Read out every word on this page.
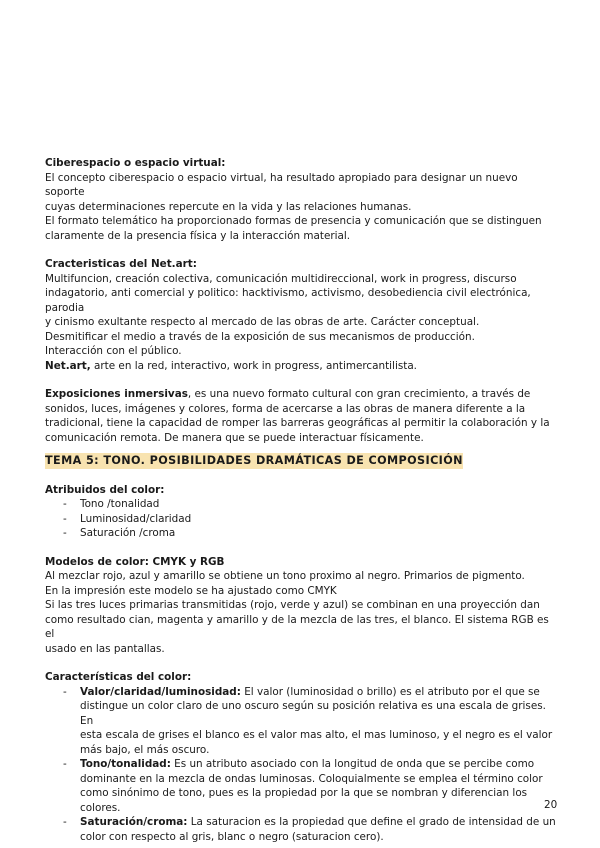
Ciberespacio o espacio virtual:

El concepto ciberespacio o espacio virtual, ha resultado apropiado para designar un nuevo soporte

cuyas determinaciones repercute en la vida y las relaciones humanas.

El formato telemático ha proporcionado formas de presencia y comunicación que se distinguen

claramente de la presencia física y la interacción material.

Cracteristicas del Net.art:

Multifuncion, creación colectiva, comunicación multidireccional, work in progress, discurso

indagatorio, anti comercial y politico: hacktivismo, activismo, desobediencia civil electrónica, parodia

y cinismo exultante respecto al mercado de las obras de arte. Carácter conceptual.

Desmitificar el medio a través de la exposición de sus mecanismos de producción.

Interacción con el público.

Net.art, arte en la red, interactivo, work in progress, antimercantilista.

Exposiciones inmersivas, es una nuevo formato cultural con gran crecimiento, a través de

sonidos, luces, imágenes y colores, forma de acercarse a las obras de manera diferente a la

tradicional, tiene la capacidad de romper las barreras geográficas al permitir la colaboración y la

comunicación remota. De manera que se puede interactuar físicamente.

TEMA 5: TONO. POSIBILIDADES DRAMÁTICAS DE COMPOSICIÓN

Atribuidos del color:

- Tono /tonalidad
- Luminosidad/claridad
- Saturación /croma

Modelos de color: CMYK y RGB

Al mezclar rojo, azul y amarillo se obtiene un tono proximo al negro. Primarios de pigmento.

En la impresión este modelo se ha ajustado como CMYK

Si las tres luces primarias transmitidas (rojo, verde y azul) se combinan en una proyección dan

como resultado cian, magenta y amarillo y de la mezcla de las tres, el blanco. El sistema RGB es el

usado en las pantallas.

Características del color:

- Valor/claridad/luminosidad: El valor (luminosidad o brillo) es el atributo por el que se
distingue un color claro de uno oscuro según su posición relativa es una escala de grises. En
esta escala de grises el blanco es el valor mas alto, el mas luminoso, y el negro es el valor
más bajo, el más oscuro.
- Tono/tonalidad: Es un atributo asociado con la longitud de onda que se percibe como
dominante en la mezcla de ondas luminosas. Coloquialmente se emplea el término color
como sinónimo de tono, pues es la propiedad por la que se nombran y diferencian los colores.
- Saturación/croma: La saturacion es la propiedad que define el grado de intensidad de un
color con respecto al gris, blanc o negro (saturacion cero).
20
